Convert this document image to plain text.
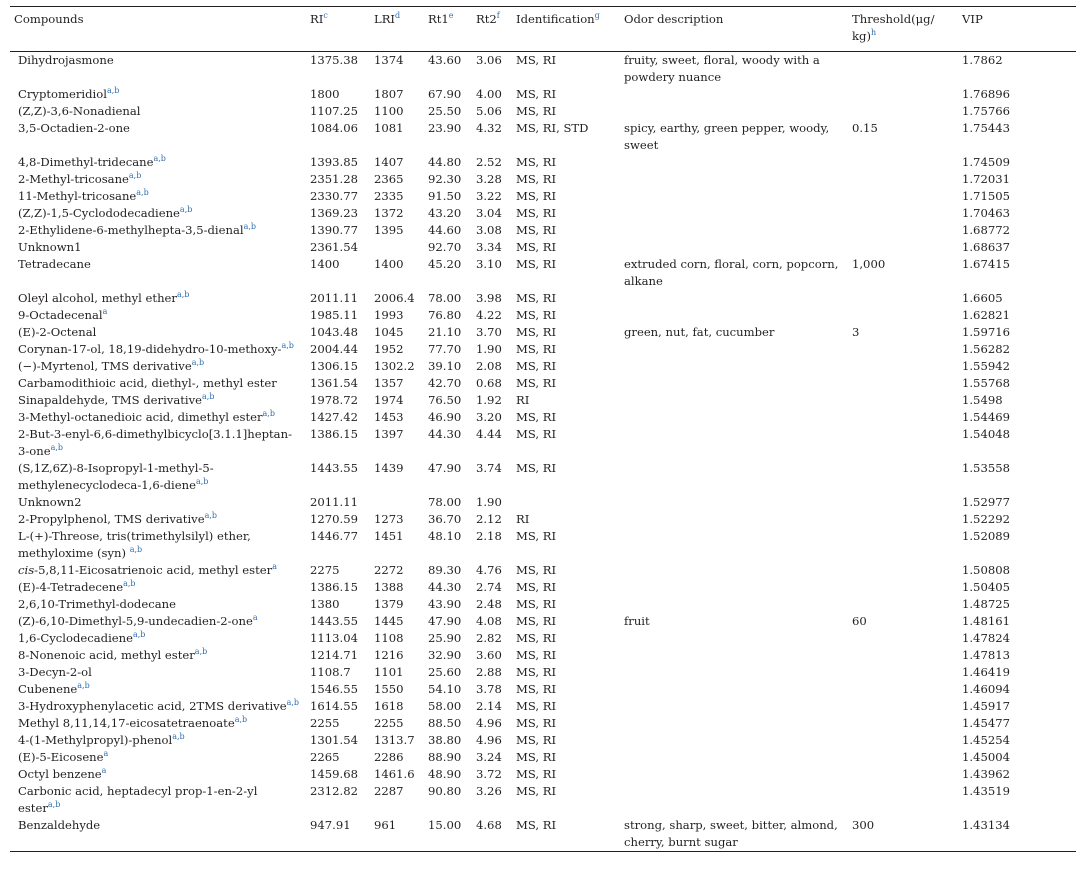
Compounds	$RI^c$	LRI$^d$	Rt1e	Rt2$^f$	Identification$^g$	Odor description	Threshold(μg/ kg)$^h$	VIP
Dihydrojasmone	1375.38	1374	43.60	3.06	MS, RI	fruity, sweet, floral, woody with a powdery nuance		1.7862
Cryptomeridiol$^{a,b}$	1800	1807	67.90	4.00	MS, RI			1.76896
(Z,Z)-3,6-Nonadienal	1107.25	1100	25.50	5.06	MS, RI			1.75766
3,5-Octadien-2-one	1084.06	1081	23.90	4.32	MS, RI, STD	spicy, earthy, green pepper, woody, sweet	0.15	1.75443
4,8-Dimethyl-tridecane$^{a,b}$	1393.85	1407	44.80	2.52	MS, RI			1.74509
2-Methyl-tricosane$^{a,b}$	2351.28	2365	92.30	3.28	MS, RI			1.72031
11-Methyl-tricosane$^{a,b}$	2330.77	2335	91.50	3.22	MS, RI			1.71505
(Z,Z)-1,5-Cyclododecadiene$^{a,b}$	1369.23	1372	43.20	3.04	MS, RI			1.70463
2-Ethylidene-6-methylhepta-3,5-dienal$^{a,b}$	1390.77	1395	44.60	3.08	MS, RI			1.68772
Unknown1	2361.54		92.70	3.34	MS, RI			1.68637
Tetradecane	1400	1400	45.20	3.10	MS, RI	extruded corn, floral, corn, popcorn, alkane	1,000	1.67415
Oleyl alcohol, methyl ether$^{a,b}$	2011.11	2006.4	78.00	3.98	MS, RI			1.6605
9-Octadecenal$^a$	1985.11	1993	76.80	4.22	MS, RI			1.62821
(E)-2-Octenal	1043.48	1045	21.10	3.70	MS, RI	green, nut, fat, cucumber	3	1.59716
Corynan-17-ol, 18,19-didehydro-10-methoxy-$^{a,b}$	2004.44	1952	77.70	1.90	MS, RI			1.56282
(−)-Myrtenol, TMS derivative$^{a,b}$	1306.15	1302.2	39.10	2.08	MS, RI			1.55942
Carbamodithioic acid, diethyl-, methyl ester	1361.54	1357	42.70	0.68	MS, RI			1.55768
Sinapaldehyde, TMS derivative$^{a,b}$	1978.72	1974	76.50	1.92	RI			1.5498
3-Methyl-octanedioic acid, dimethyl ester$^{a,b}$	1427.42	1453	46.90	3.20	MS, RI			1.54469
2-But-3-enyl-6,6-dimethylbicyclo[3.1.1]heptan-3-one$^{a,b}$	1386.15	1397	44.30	4.44	MS, RI			1.54048
(S,1Z,6Z)-8-Isopropyl-1-methyl-5-methylenecyclodeca-1,6-diene$^{a,b}$	1443.55	1439	47.90	3.74	MS, RI			1.53558
Unknown2	2011.11		78.00	1.90				1.52977
2-Propylphenol, TMS derivative$^{a,b}$	1270.59	1273	36.70	2.12	RI			1.52292
L-(+)-Threose, tris(trimethylsilyl) ether, methyloxime (syn) $^{a,b}$	1446.77	1451	48.10	2.18	MS, RI			1.52089
cis-5,8,11-Eicosatrienoic acid, methyl ester$^a$	2275	2272	89.30	4.76	MS, RI			1.50808
(E)-4-Tetradecene$^{a,b}$	1386.15	1388	44.30	2.74	MS, RI			1.50405
2,6,10-Trimethyl-dodecane	1380	1379	43.90	2.48	MS, RI			1.48725
(Z)-6,10-Dimethyl-5,9-undecadien-2-one$^a$	1443.55	1445	47.90	4.08	MS, RI	fruit	60	1.48161
1,6-Cyclodecadiene$^{a,b}$	1113.04	1108	25.90	2.82	MS, RI			1.47824
8-Nonenoic acid, methyl ester$^{a,b}$	1214.71	1216	32.90	3.60	MS, RI			1.47813
3-Decyn-2-ol	1108.7	1101	25.60	2.88	MS, RI			1.46419
Cubenene$^{a,b}$	1546.55	1550	54.10	3.78	MS, RI			1.46094
3-Hydroxyphenylacetic acid, 2TMS derivative$^{a,b}$	1614.55	1618	58.00	2.14	MS, RI			1.45917
Methyl 8,11,14,17-eicosatetraenoate$^{a,b}$	2255	2255	88.50	4.96	MS, RI			1.45477
4-(1-Methylpropyl)-phenol$^{a,b}$	1301.54	1313.7	38.80	4.96	MS, RI			1.45254
(E)-5-Eicosene$^a$	2265	2286	88.90	3.24	MS, RI			1.45004
Octyl benzene$^a$	1459.68	1461.6	48.90	3.72	MS, RI			1.43962
Carbonic acid, heptadecyl prop-1-en-2-yl ester$^{a,b}$	2312.82	2287	90.80	3.26	MS, RI			1.43519
Benzaldehyde	947.91	961	15.00	4.68	MS, RI	strong, sharp, sweet, bitter, almond, cherry, burnt sugar	300	1.43134
